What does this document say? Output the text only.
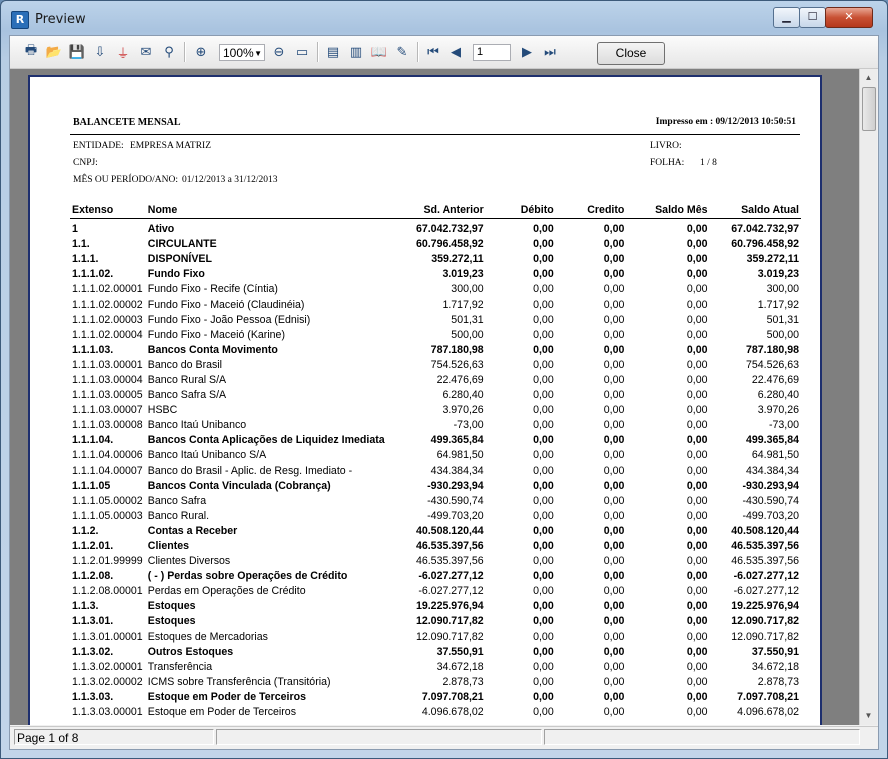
R Preview	▁	☐	✕
🖶 📂 💾 ⇩ ⏚ ✉ ⚲	⊕	100% ▼ ⊖ ▭ ▤ ▥ 📖 ✎ ⏮ ◀	1	▶ ⏭	Close
BALANCETE MENSAL	Impresso em : 09/12/2013 10:50:51
ENTIDADE: EMPRESA MATRIZ
CNPJ:
MÊS OU PERÍODO/ANO: 01/12/2013 a 31/12/2013
LIVRO:
FOLHA: 1 / 8
Extenso	Nome	Sd. Anterior	Débito	Credito	Saldo Mês	Saldo Atual
1	Ativo	67.042.732,97	0,00	0,00	0,00	67.042.732,97
1.1.	CIRCULANTE	60.796.458,92	0,00	0,00	0,00	60.796.458,92
1.1.1.	DISPONÍVEL	359.272,11	0,00	0,00	0,00	359.272,11
1.1.1.02.	Fundo Fixo	3.019,23	0,00	0,00	0,00	3.019,23
1.1.1.02.00001	Fundo Fixo - Recife (Cíntia)	300,00	0,00	0,00	0,00	300,00
1.1.1.02.00002	Fundo Fixo - Maceió (Claudinéia)	1.717,92	0,00	0,00	0,00	1.717,92
1.1.1.02.00003	Fundo Fixo - João Pessoa (Ednisi)	501,31	0,00	0,00	0,00	501,31
1.1.1.02.00004	Fundo Fixo - Maceió (Karine)	500,00	0,00	0,00	0,00	500,00
1.1.1.03.	Bancos Conta Movimento	787.180,98	0,00	0,00	0,00	787.180,98
1.1.1.03.00001	Banco do Brasil	754.526,63	0,00	0,00	0,00	754.526,63
1.1.1.03.00004	Banco Rural S/A	22.476,69	0,00	0,00	0,00	22.476,69
1.1.1.03.00005	Banco Safra S/A	6.280,40	0,00	0,00	0,00	6.280,40
1.1.1.03.00007	HSBC	3.970,26	0,00	0,00	0,00	3.970,26
1.1.1.03.00008	Banco Itaú Unibanco	-73,00	0,00	0,00	0,00	-73,00
1.1.1.04.	Bancos Conta Aplicações de Liquidez Imediata	499.365,84	0,00	0,00	0,00	499.365,84
1.1.1.04.00006	Banco Itaú Unibanco S/A	64.981,50	0,00	0,00	0,00	64.981,50
1.1.1.04.00007	Banco do Brasil - Aplic. de Resg. Imediato -	434.384,34	0,00	0,00	0,00	434.384,34
1.1.1.05	Bancos Conta Vinculada (Cobrança)	-930.293,94	0,00	0,00	0,00	-930.293,94
1.1.1.05.00002	Banco Safra	-430.590,74	0,00	0,00	0,00	-430.590,74
1.1.1.05.00003	Banco Rural.	-499.703,20	0,00	0,00	0,00	-499.703,20
1.1.2.	Contas a Receber	40.508.120,44	0,00	0,00	0,00	40.508.120,44
1.1.2.01.	Clientes	46.535.397,56	0,00	0,00	0,00	46.535.397,56
1.1.2.01.99999	Clientes Diversos	46.535.397,56	0,00	0,00	0,00	46.535.397,56
1.1.2.08.	( - ) Perdas sobre Operações de Crédito	-6.027.277,12	0,00	0,00	0,00	-6.027.277,12
1.1.2.08.00001	Perdas em Operações de Crédito	-6.027.277,12	0,00	0,00	0,00	-6.027.277,12
1.1.3.	Estoques	19.225.976,94	0,00	0,00	0,00	19.225.976,94
1.1.3.01.	Estoques	12.090.717,82	0,00	0,00	0,00	12.090.717,82
1.1.3.01.00001	Estoques de Mercadorias	12.090.717,82	0,00	0,00	0,00	12.090.717,82
1.1.3.02.	Outros Estoques	37.550,91	0,00	0,00	0,00	37.550,91
1.1.3.02.00001	Transferência	34.672,18	0,00	0,00	0,00	34.672,18
1.1.3.02.00002	ICMS sobre Transferência (Transitória)	2.878,73	0,00	0,00	0,00	2.878,73
1.1.3.03.	Estoque em Poder de Terceiros	7.097.708,21	0,00	0,00	0,00	7.097.708,21
1.1.3.03.00001	Estoque em Poder de Terceiros	4.096.678,02	0,00	0,00	0,00	4.096.678,02
▲
▼
Page 1 of 8
